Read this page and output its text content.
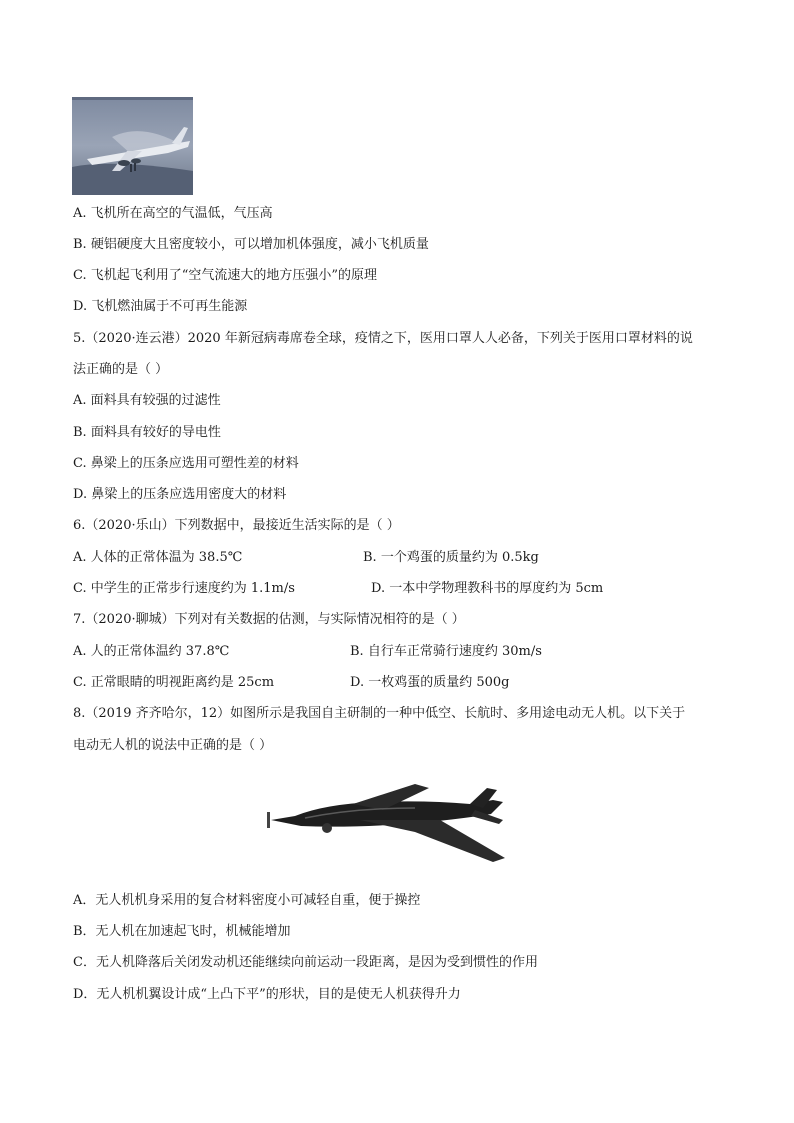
A. 飞机所在高空的气温低，气压高
B. 硬铝硬度大且密度较小，可以增加机体强度，减小飞机质量
C. 飞机起飞利用了“空气流速大的地方压强小”的原理
D. 飞机燃油属于不可再生能源
5.（2020·连云港）2020 年新冠病毒席卷全球，疫情之下，医用口罩人人必备，下列关于医用口罩材料的说
法正确的是（ ）
A. 面料具有较强的过滤性
B. 面料具有较好的导电性
C. 鼻梁上的压条应选用可塑性差的材料
D. 鼻梁上的压条应选用密度大的材料
6.（2020·乐山）下列数据中，最接近生活实际的是（ ）
A. 人体的正常体温为 38.5℃	B. 一个鸡蛋的质量约为 0.5kg
C. 中学生的正常步行速度约为 1.1m/s	D. 一本中学物理教科书的厚度约为 5cm
7.（2020·聊城）下列对有关数据的估测，与实际情况相符的是（ ）
A. 人的正常体温约 37.8℃	B. 自行车正常骑行速度约 30m/s
C. 正常眼睛的明视距离约是 25cm	D. 一枚鸡蛋的质量约 500g
8.（2019 齐齐哈尔，12）如图所示是我国自主研制的一种中低空、长航时、多用途电动无人机。以下关于
电动无人机的说法中正确的是（ ）
A．无人机机身采用的复合材料密度小可减轻自重，便于操控
B．无人机在加速起飞时，机械能增加
C．无人机降落后关闭发动机还能继续向前运动一段距离，是因为受到惯性的作用
D．无人机机翼设计成“上凸下平”的形状，目的是使无人机获得升力
